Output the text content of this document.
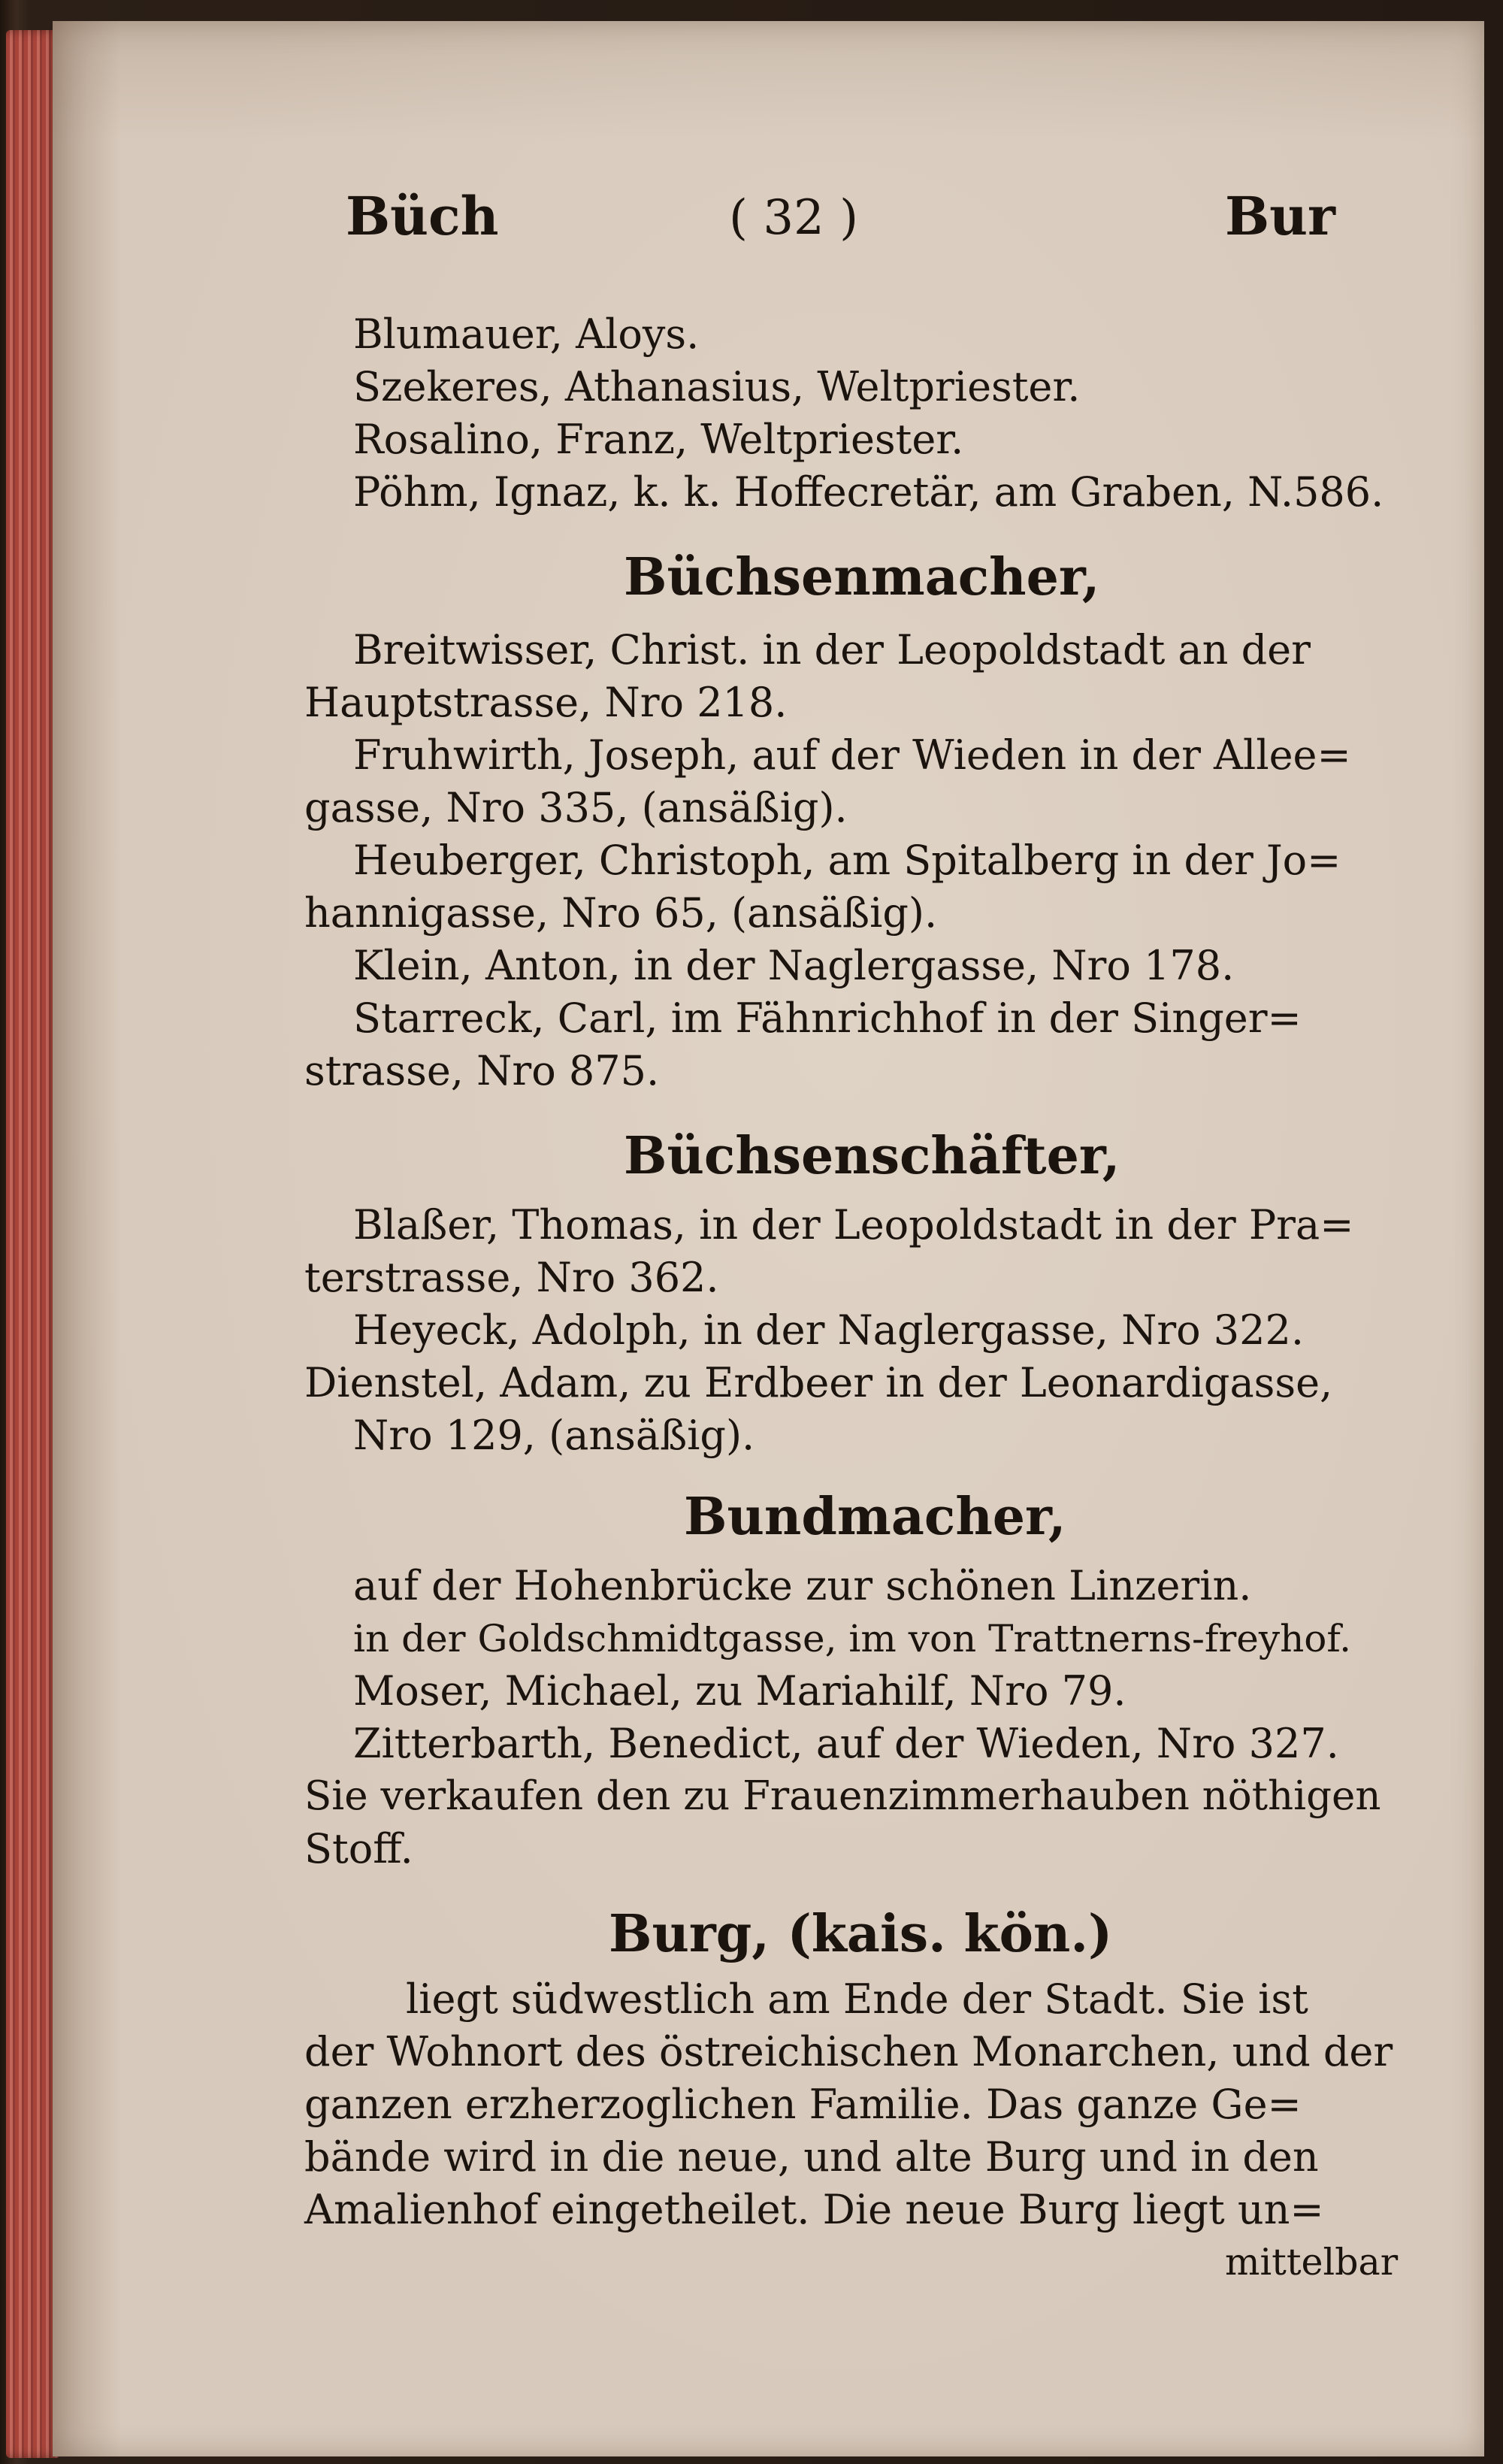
Büch	( 32 )	Bur
Blumauer, Aloys.
Szekeres, Athanasius, Weltpriester.
Rosalino, Franz, Weltpriester.
Pöhm, Ignaz, k. k. Hoffecretär, am Graben, N.586.
Büchsenmacher,
Breitwisser, Christ. in der Leopoldstadt an der
Hauptstrasse, Nro 218.
Fruhwirth, Joseph, auf der Wieden in der Allee=
gasse, Nro 335, (ansäßig).
Heuberger, Christoph, am Spitalberg in der Jo=
hannigasse, Nro 65, (ansäßig).
Klein, Anton, in der Naglergasse, Nro 178.
Starreck, Carl, im Fähnrichhof in der Singer=
strasse, Nro 875.
Büchsenschäfter,
Blaßer, Thomas, in der Leopoldstadt in der Pra=
terstrasse, Nro 362.
Heyeck, Adolph, in der Naglergasse, Nro 322.
Dienstel, Adam, zu Erdbeer in der Leonardigasse,
Nro 129, (ansäßig).
Bundmacher,
auf der Hohenbrücke zur schönen Linzerin.
in der Goldschmidtgasse, im von Trattnerns-freyhof.
Moser, Michael, zu Mariahilf, Nro 79.
Zitterbarth, Benedict, auf der Wieden, Nro 327.
Sie verkaufen den zu Frauenzimmerhauben nöthigen
Stoff.
Burg, (kais. kön.)
liegt südwestlich am Ende der Stadt. Sie ist
der Wohnort des östreichischen Monarchen, und der
ganzen erzherzoglichen Familie. Das ganze Ge=
bände wird in die neue, und alte Burg und in den
Amalienhof eingetheilet. Die neue Burg liegt un=
mittelbar
